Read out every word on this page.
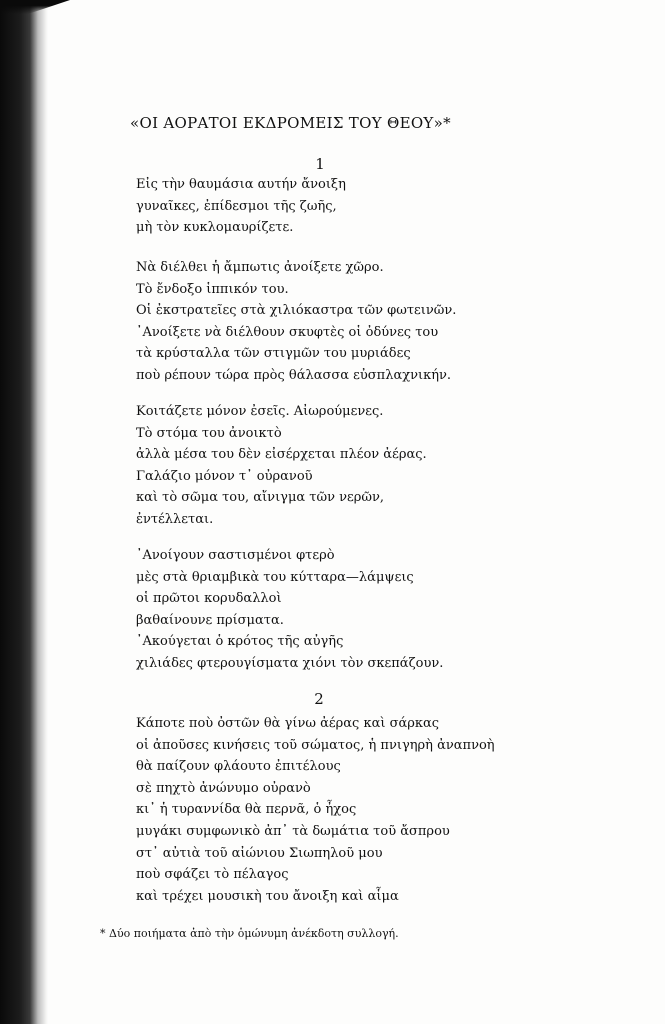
«ΟΙ ΑΟΡΑΤΟΙ ΕΚΔΡΟΜΕΙΣ ΤΟΥ ΘΕΟΥ»*
1
Εἰς τὴν θαυμάσια αυτήν ἄνοιξη
γυναῖκες, ἐπίδεσμοι τῆς ζωῆς,
μὴ τὸν κυκλομαυρίζετε.
Νὰ διέλθει ἡ ἄμπωτις ἀνοίξετε χῶρο.
Τὸ ἔνδοξο ἱππικόν του.
Οἱ ἐκστρατεῖες στὰ χιλιόκαστρα τῶν φωτεινῶν.
᾿Ανοίξετε νὰ διέλθουν σκυφτὲς οἱ ὀδύνες του
τὰ κρύσταλλα τῶν στιγμῶν του μυριάδες
ποὺ ρέπουν τώρα πρὸς θάλασσα εὐσπλαχνικήν.
Κοιτάζετε μόνον ἐσεῖς. Αἰωρούμενες.
Τὸ στόμα του ἀνοικτὸ
ἀλλὰ μέσα του δὲν εἰσέρχεται πλέον ἀέρας.
Γαλάζιο μόνον τ᾿ οὐρανοῦ
καὶ τὸ σῶμα του, αἴνιγμα τῶν νερῶν,
ἐντέλλεται.
᾿Ανοίγουν σαστισμένοι φτερὸ
μὲς στὰ θριαμβικὰ του κύτταρα—λάμψεις
οἱ πρῶτοι κορυδαλλοὶ
βαθαίνουνε πρίσματα.
᾿Ακούγεται ὁ κρότος τῆς αὐγῆς
χιλιάδες φτερουγίσματα χιόνι τὸν σκεπάζουν.
2
Κάποτε ποὺ ὀστῶν θὰ γίνω ἀέρας καὶ σάρκας
οἱ ἀποῦσες κινήσεις τοῦ σώματος, ἡ πνιγηρὴ ἀναπνοὴ
θὰ παίζουν φλάουτο ἐπιτέλους
σὲ πηχτὸ ἀνώνυμο οὐρανὸ
κι᾿ ἡ τυραννίδα θὰ περνᾶ, ὁ ἦχος
μυγάκι συμφωνικὸ ἀπ᾿ τὰ δωμάτια τοῦ ἄσπρου
στ᾿ αὐτιὰ τοῦ αἰώνιου Σιωπηλοῦ μου
ποὺ σφάζει τὸ πέλαγος
καὶ τρέχει μουσικὴ του ἄνοιξη καὶ αἷμα
* Δύο ποιήματα ἀπὸ τὴν ὁμώνυμη ἀνέκδοτη συλλογή.
